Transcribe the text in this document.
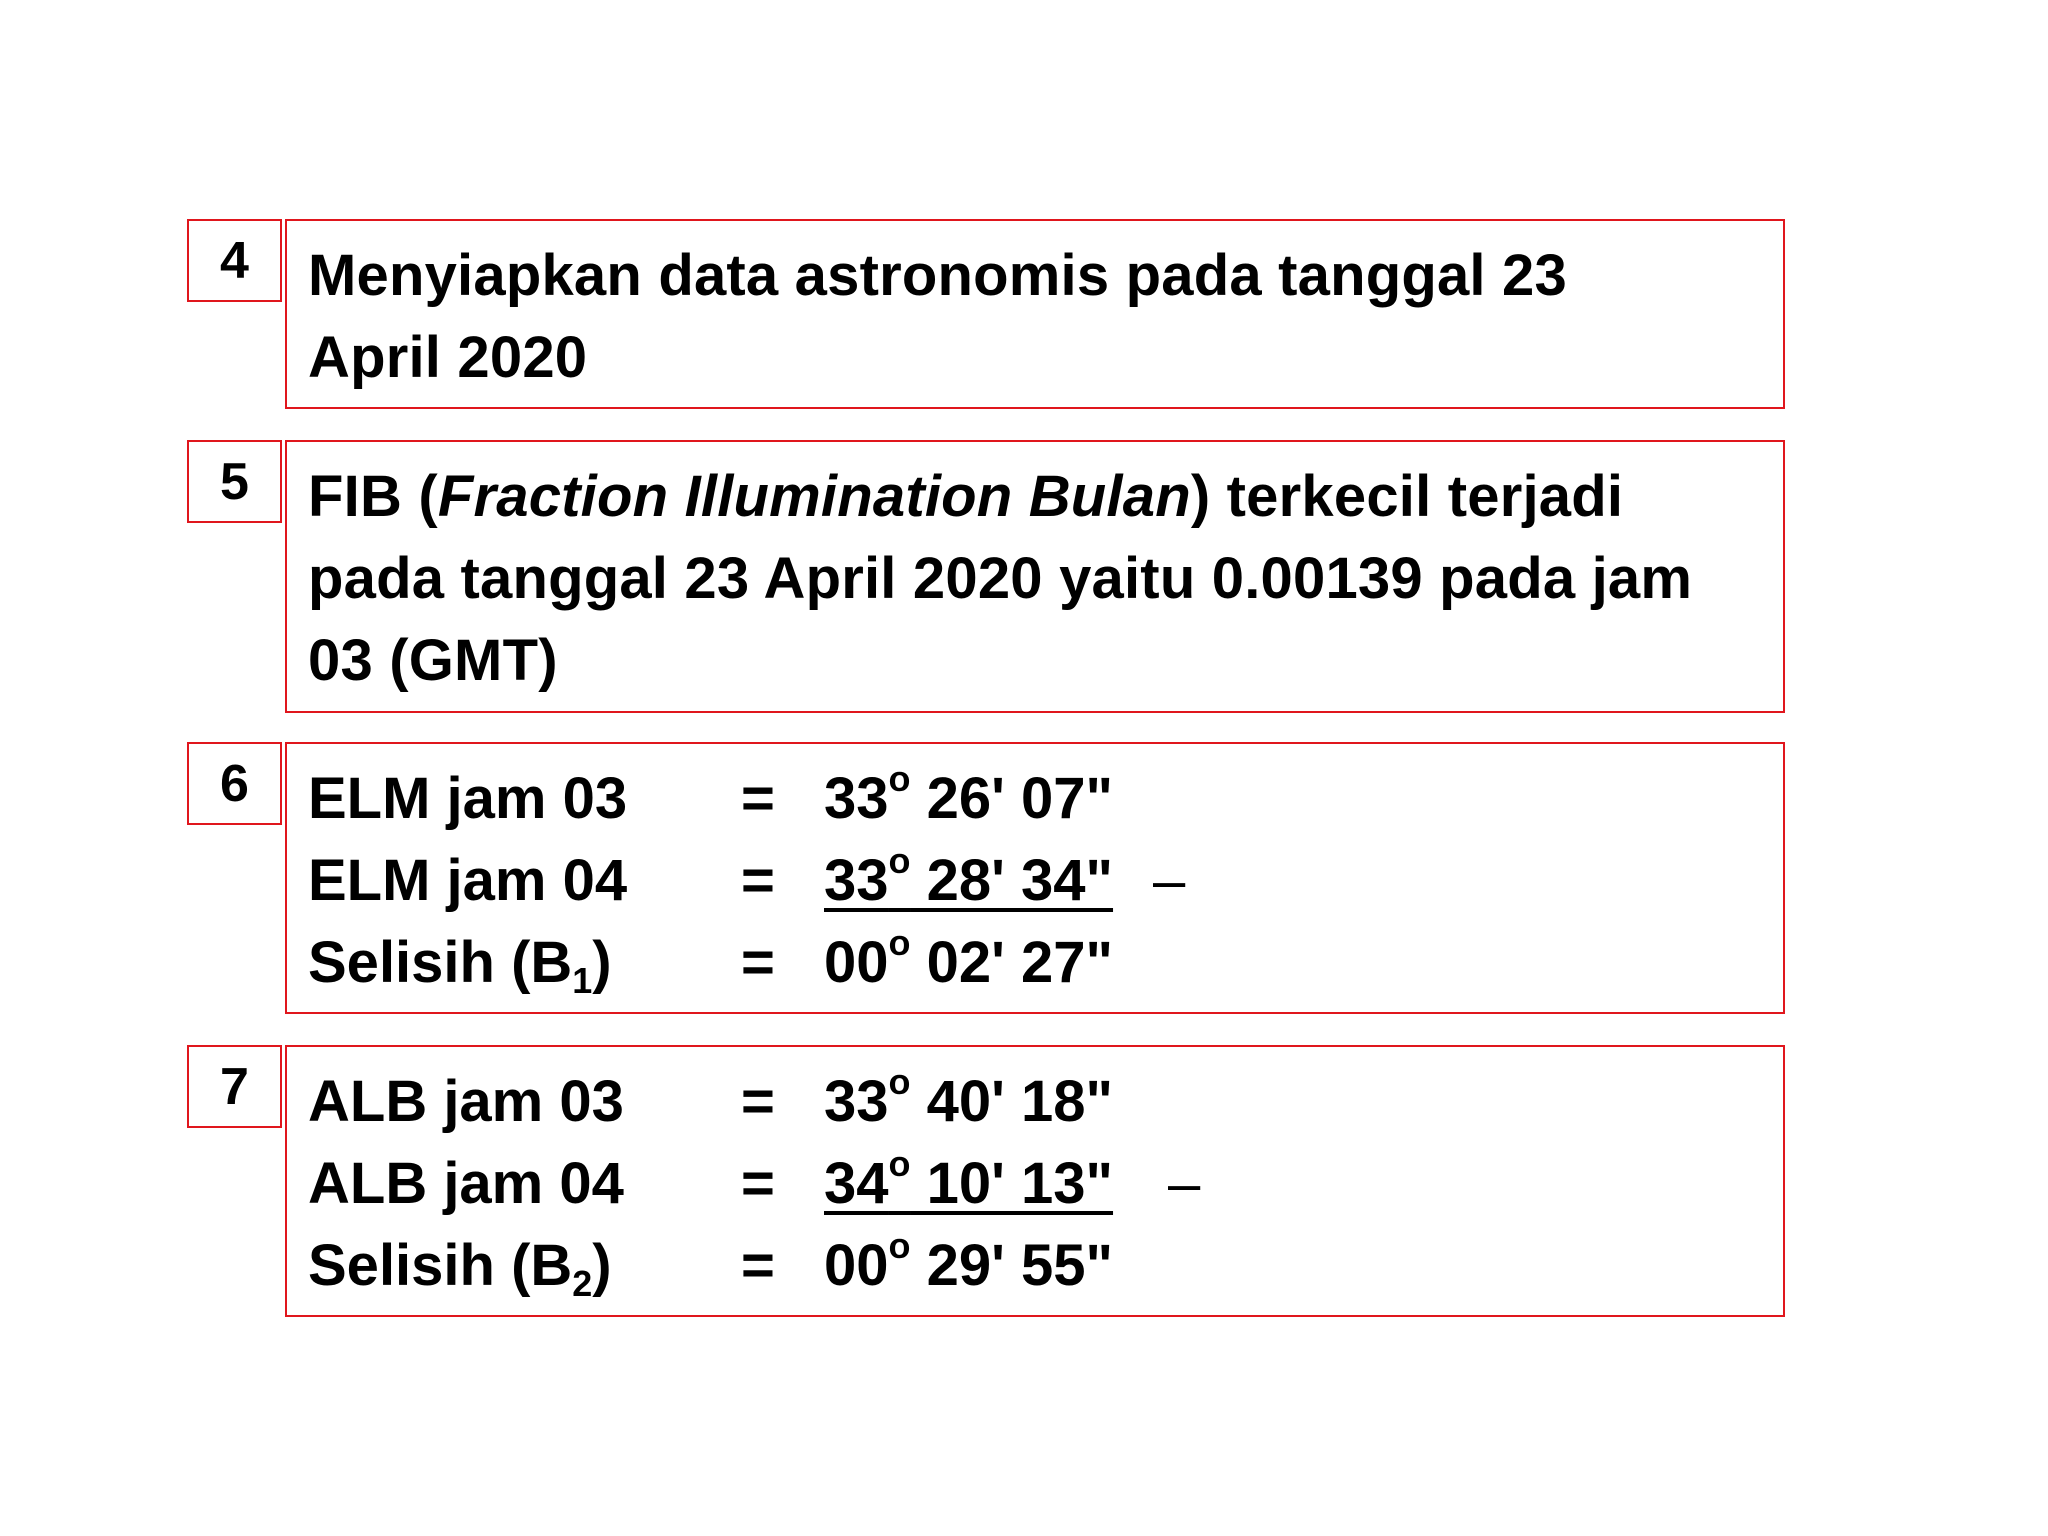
4	Menyiapkan data astronomis pada tanggal 23
April 2020
5	FIB (Fraction Illumination Bulan) terkecil terjadi
pada tanggal 23 April 2020 yaitu 0.00139 pada jam
03 (GMT)
6	ELM jam $03 = 33^o$ 26' 07"
ELM jam $04 = 33^o$ 28' 34" –
Selisih $(B_1) = 00^o$ 02' 27"
7	ALB jam $03 = 33^o$ 40' 18"
ALB jam $04 = 34^o$ 10' 13" –
Selisih $(B_2) = 00^o$ 29' 55"
